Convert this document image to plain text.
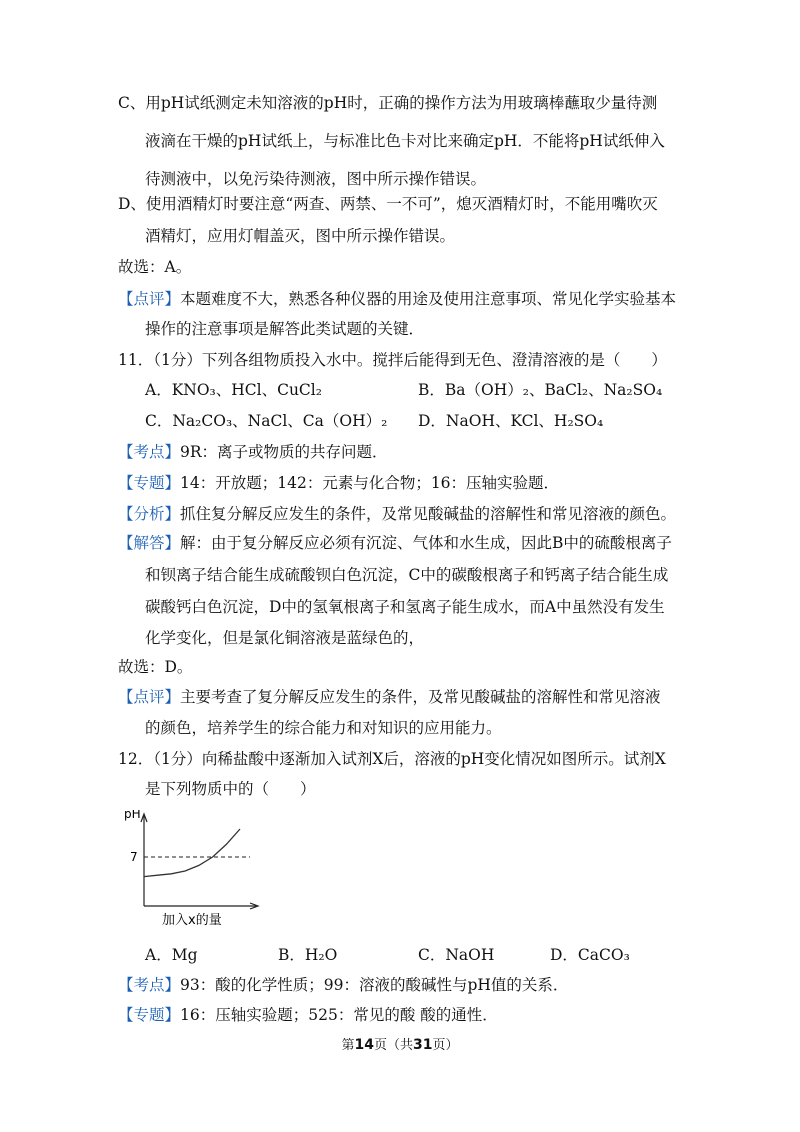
C、用pH试纸测定未知溶液的pH时，正确的操作方法为用玻璃棒蘸取少量待测
液滴在干燥的pH试纸上，与标准比色卡对比来确定pH．不能将pH试纸伸入
待测液中，以免污染待测液，图中所示操作错误。
D、使用酒精灯时要注意“两查、两禁、一不可”，熄灭酒精灯时，不能用嘴吹灭
酒精灯，应用灯帽盖灭，图中所示操作错误。
故选：A。
【点评】本题难度不大，熟悉各种仪器的用途及使用注意事项、常见化学实验基本
操作的注意事项是解答此类试题的关键．
11．（1分）下列各组物质投入水中。搅拌后能得到无色、澄清溶液的是（　　）
A．KNO₃、HCl、CuCl₂	B．Ba（OH）₂、BaCl₂、Na₂SO₄
C．Na₂CO₃、NaCl、Ca（OH）₂ D．NaOH、KCl、H₂SO₄
【考点】9R：离子或物质的共存问题．
【专题】14：开放题；142：元素与化合物；16：压轴实验题．
【分析】抓住复分解反应发生的条件，及常见酸碱盐的溶解性和常见溶液的颜色。
【解答】解：由于复分解反应必须有沉淀、气体和水生成，因此B中的硫酸根离子
和钡离子结合能生成硫酸钡白色沉淀，C中的碳酸根离子和钙离子结合能生成
碳酸钙白色沉淀，D中的氢氧根离子和氢离子能生成水，而A中虽然没有发生
化学变化，但是氯化铜溶液是蓝绿色的，
故选：D。
【点评】主要考查了复分解反应发生的条件，及常见酸碱盐的溶解性和常见溶液
的颜色，培养学生的综合能力和对知识的应用能力。
12．（1分）向稀盐酸中逐渐加入试剂X后，溶液的pH变化情况如图所示。试剂X
是下列物质中的（　　）
pH
加入x的量
7
A．Mg	B．H₂O	C．NaOH	D．CaCO₃
【考点】93：酸的化学性质；99：溶液的酸碱性与pH值的关系．
【专题】16：压轴实验题；525：常见的酸 酸的通性．
第14页（共31页）
